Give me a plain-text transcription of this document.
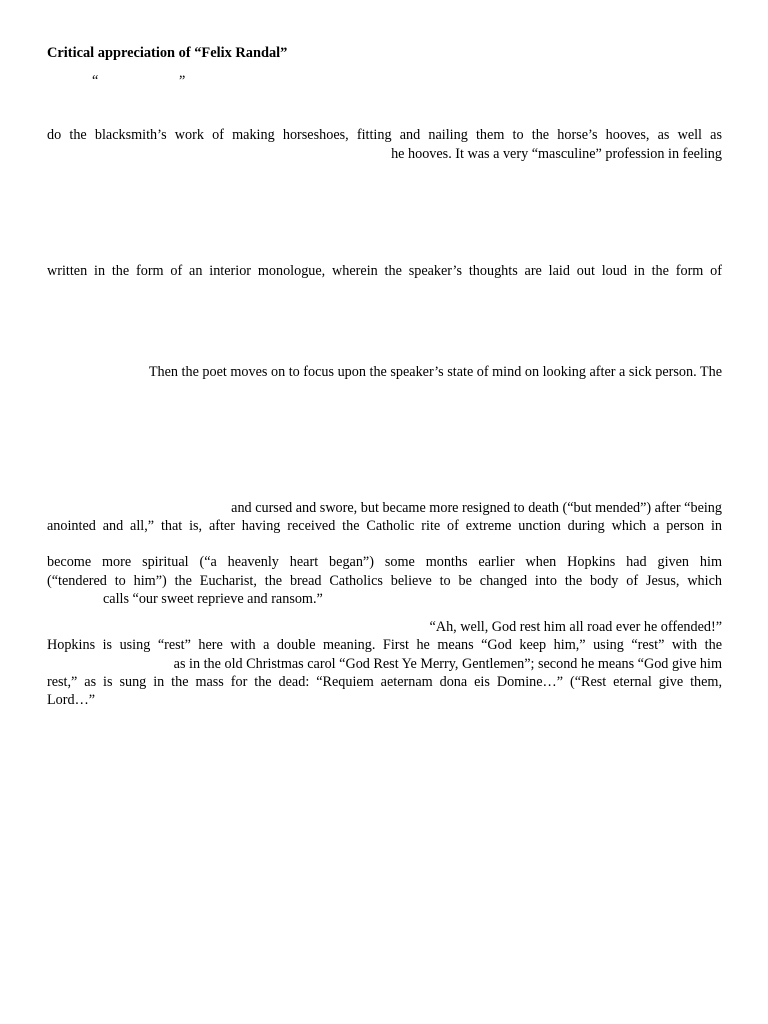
Critical appreciation of “Felix Randal”
“	”
do the blacksmith’s work of making horseshoes, fitting and nailing them to the horse’s hooves, as well as
he hooves. It was a very “masculine” profession in feeling
written in the form of an interior monologue, wherein the speaker’s thoughts are laid out loud in the form of
Then the poet moves on to focus upon the speaker’s state of mind on looking after a sick person. The
and cursed and swore, but became more resigned to death (“but mended”) after “being
anointed and all,” that is, after having received the Catholic rite of extreme unction during which a person in
become more spiritual (“a heavenly heart began”) some months earlier when Hopkins had given him
(“tendered to him”) the Eucharist, the bread Catholics believe to be changed into the body of Jesus, which
calls “our sweet reprieve and ransom.”
“Ah, well, God rest him all road ever he offended!”
Hopkins is using “rest” here with a double meaning. First he means “God keep him,” using “rest” with the
as in the old Christmas carol “God Rest Ye Merry, Gentlemen”; second he means “God give him
rest,” as is sung in the mass for the dead: “Requiem aeternam dona eis Domine…” (“Rest eternal give them,
Lord…”
